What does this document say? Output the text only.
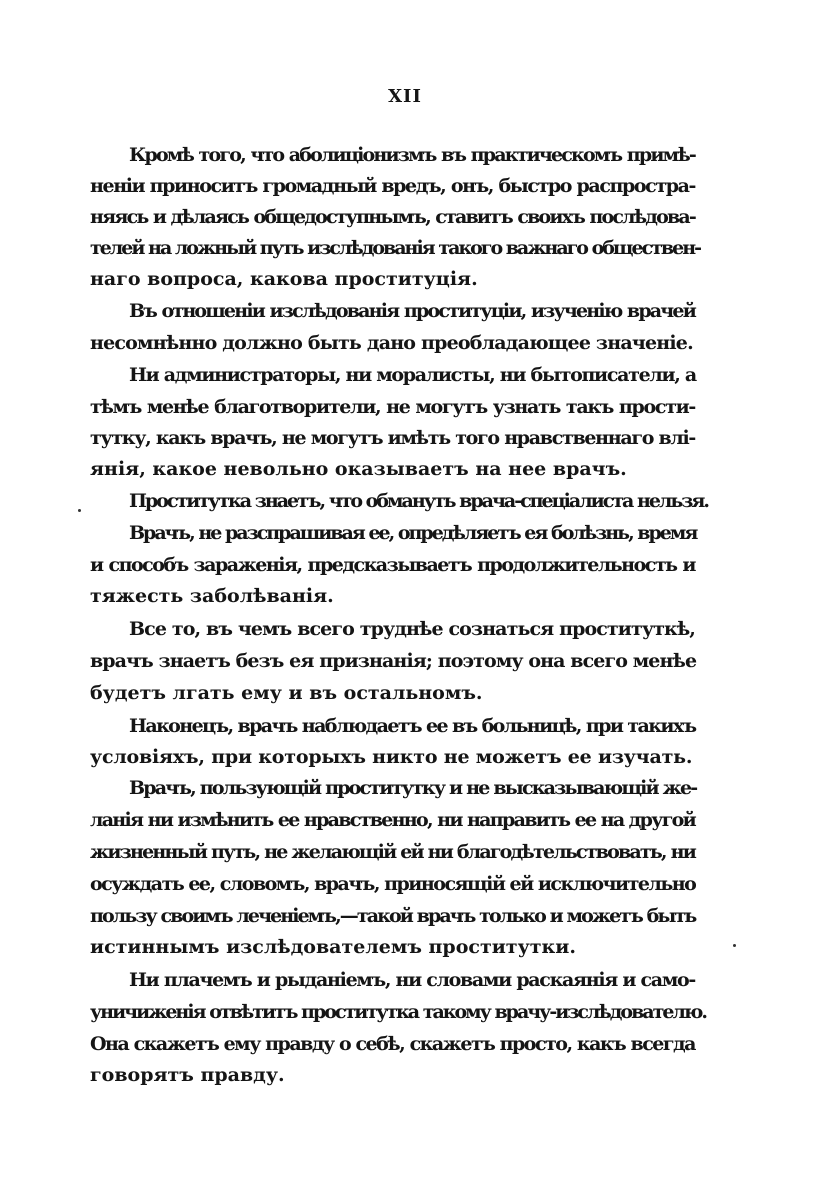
XII

Кромѣ того, что аболиціонизмъ въ практическомъ примѣ-

неніи приноситъ громадный вредъ, онъ, быстро распростра-

няясь и дѣлаясь общедоступнымъ, ставитъ своихъ послѣдова-

телей на ложный путь изслѣдованія такого важнаго обществен-

наго вопроса, какова проституція.

Въ отношеніи изслѣдованія проституціи, изученію врачей

несомнѣнно должно быть дано преобладающее значеніе.

Ни администраторы, ни моралисты, ни бытописатели, а

тѣмъ менѣе благотворители, не могутъ узнать такъ прости-

тутку, какъ врачъ, не могутъ имѣть того нравственнаго влі-

янія, какое невольно оказываетъ на нее врачъ.

Проститутка знаетъ, что обмануть врача-спеціалиста нельзя.

Врачъ, не разспрашивая ее, опредѣляетъ ея болѣзнь, время

и способъ зараженія, предсказываетъ продолжительность и

тяжесть заболѣванія.

Все то, въ чемъ всего труднѣе сознаться проституткѣ,

врачъ знаетъ безъ ея признанія; поэтому она всего менѣе

будетъ лгать ему и въ остальномъ.

Наконецъ, врачъ наблюдаетъ ее въ больницѣ, при такихъ

условіяхъ, при которыхъ никто не можетъ ее изучать.

Врачъ, пользующій проститутку и не высказывающій же-

ланія ни измѣнить ее нравственно, ни направить ее на другой

жизненный путь, не желающій ей ни благодѣтельствовать, ни

осуждать ее, словомъ, врачъ, приносящій ей исключительно

пользу своимъ леченіемъ,—такой врачъ только и можетъ быть

истиннымъ изслѣдователемъ проститутки.

Ни плачемъ и рыданіемъ, ни словами раскаянія и само-

уничиженія отвѣтитъ проститутка такому врачу-изслѣдователю.

Она скажетъ ему правду о себѣ, скажетъ просто, какъ всегда

говорятъ правду.
